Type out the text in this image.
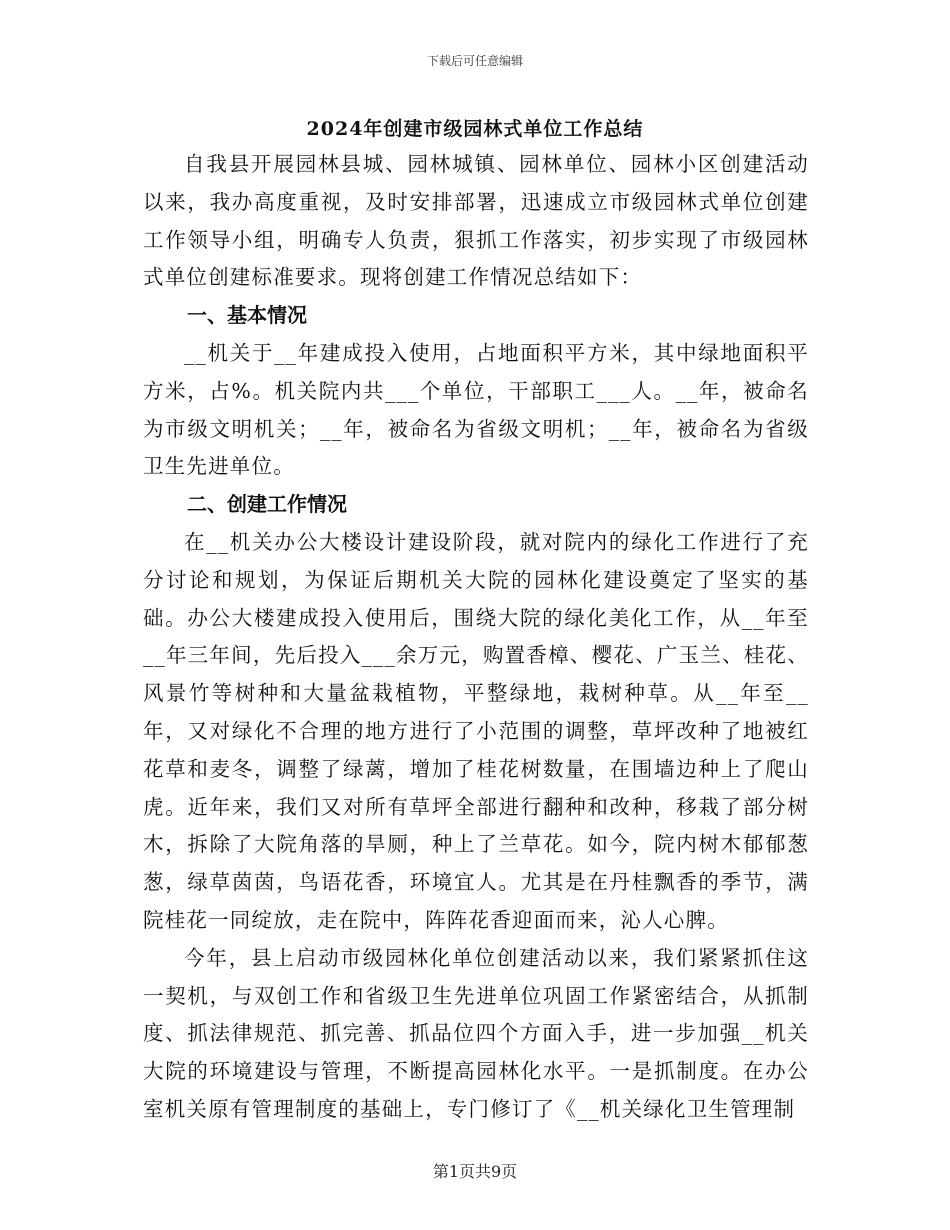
下载后可任意编辑
2024年创建市级园林式单位工作总结

自我县开展园林县城、园林城镇、园林单位、园林小区创建活动以来，我办高度重视，及时安排部署，迅速成立市级园林式单位创建工作领导小组，明确专人负责，狠抓工作落实，初步实现了市级园林式单位创建标准要求。现将创建工作情况总结如下：

一、基本情况

__机关于__年建成投入使用，占地面积平方米，其中绿地面积平方米，占%。机关院内共___个单位，干部职工___人。__年，被命名为市级文明机关；__年，被命名为省级文明机；__年，被命名为省级卫生先进单位。

二、创建工作情况

在__机关办公大楼设计建设阶段，就对院内的绿化工作进行了充分讨论和规划，为保证后期机关大院的园林化建设奠定了坚实的基础。办公大楼建成投入使用后，围绕大院的绿化美化工作，从__年至__年三年间，先后投入___余万元，购置香樟、樱花、广玉兰、桂花、风景竹等树种和大量盆栽植物，平整绿地，栽树种草。从__年至__年，又对绿化不合理的地方进行了小范围的调整，草坪改种了地被红花草和麦冬，调整了绿蓠，增加了桂花树数量，在围墙边种上了爬山虎。近年来，我们又对所有草坪全部进行翻种和改种，移栽了部分树木，拆除了大院角落的旱厕，种上了兰草花。如今，院内树木郁郁葱葱，绿草茵茵，鸟语花香，环境宜人。尤其是在丹桂飘香的季节，满院桂花一同绽放，走在院中，阵阵花香迎面而来，沁人心脾。

今年，县上启动市级园林化单位创建活动以来，我们紧紧抓住这一契机，与双创工作和省级卫生先进单位巩固工作紧密结合，从抓制度、抓法律规范、抓完善、抓品位四个方面入手，进一步加强__机关大院的环境建设与管理，不断提高园林化水平。一是抓制度。在办公室机关原有管理制度的基础上，专门修订了《__机关绿化卫生管理制

第1页共9页
